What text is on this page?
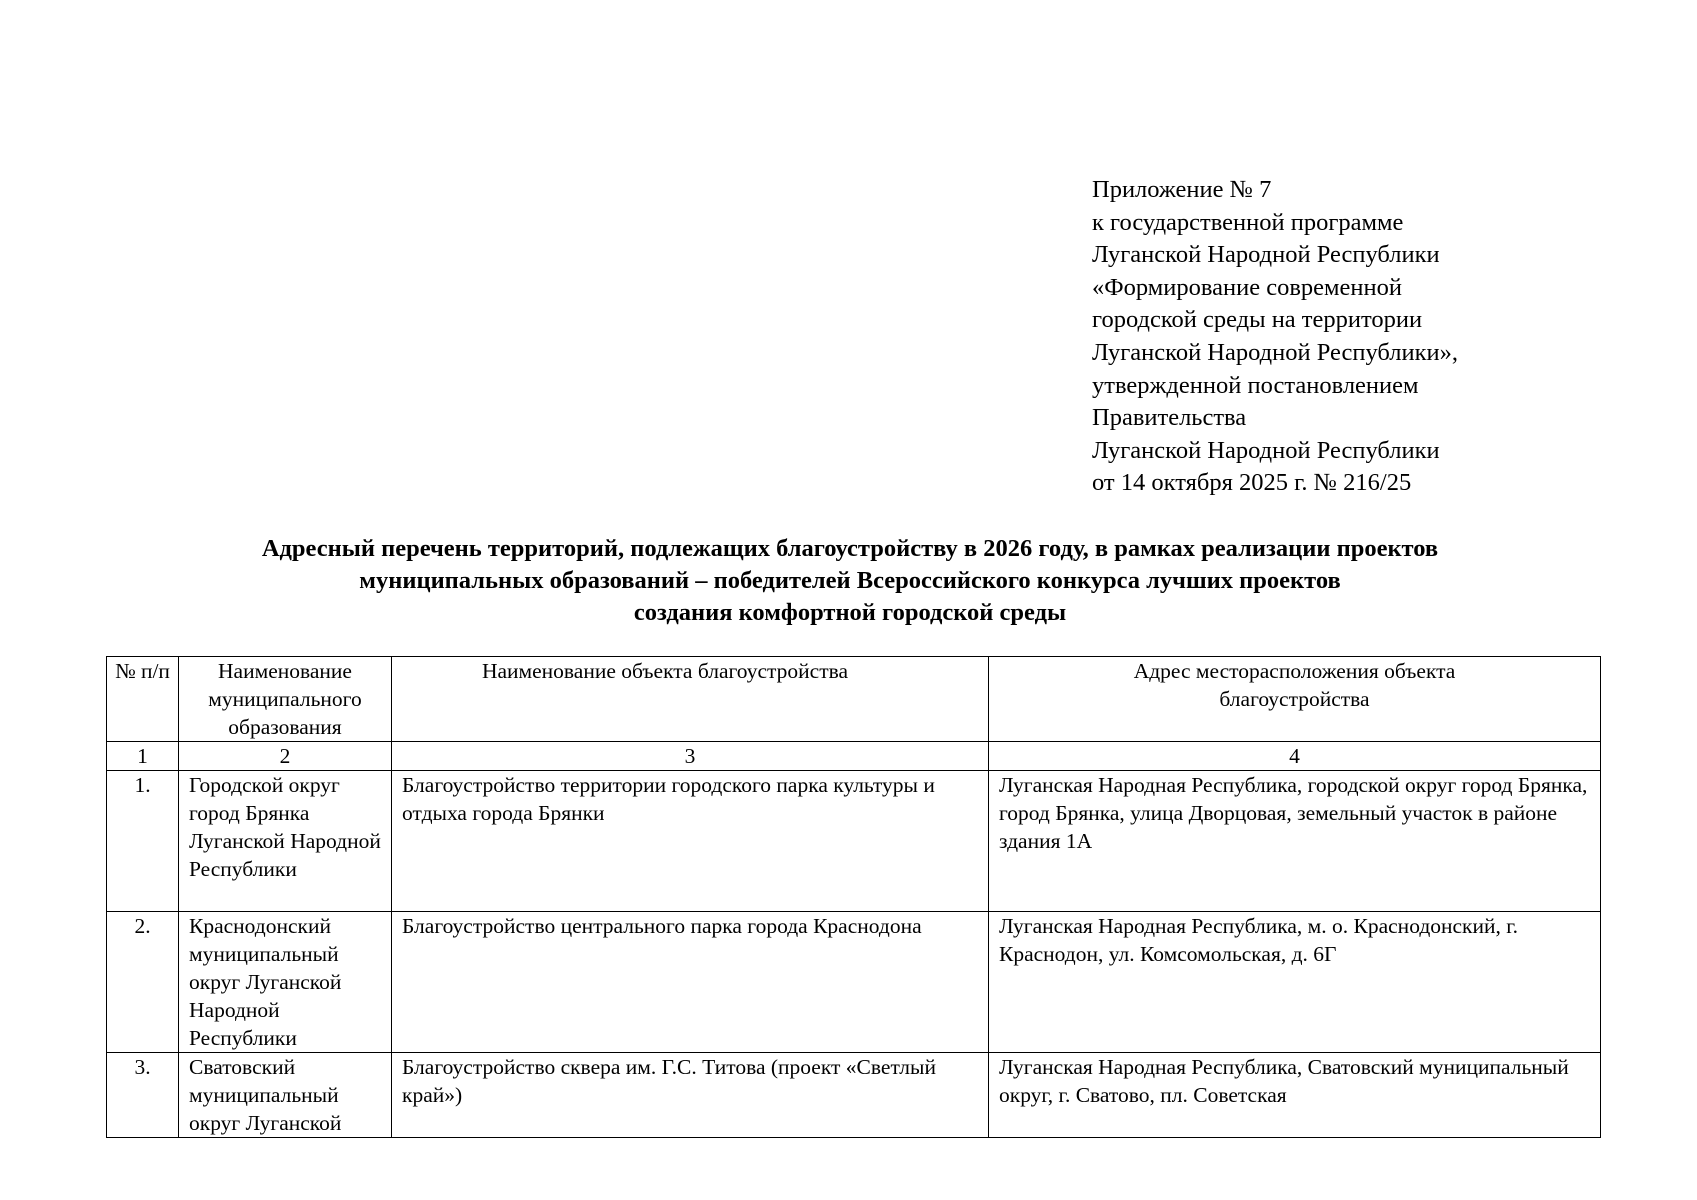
Приложение № 7
к государственной программе
Луганской Народной Республики
«Формирование современной
городской среды на территории
Луганской Народной Республики»,
утвержденной постановлением
Правительства
Луганской Народной Республики
от 14 октября 2025 г. № 216/25
Адресный перечень территорий, подлежащих благоустройству в 2026 году, в рамках реализации проектов
муниципальных образований – победителей Всероссийского конкурса лучших проектов
создания комфортной городской среды
№ п/п	Наименование муниципального образования	Наименование объекта благоустройства	Адрес месторасположения объекта благоустройства
1	2	3	4
1.	Городской округ город Брянка Луганской Народной Республики	Благоустройство территории городского парка культуры и отдыха города Брянки	Луганская Народная Республика, городской округ город Брянка, город Брянка, улица Дворцовая, земельный участок в районе здания 1А
2.	Краснодонский муниципальный округ Луганской Народной Республики	Благоустройство центрального парка города Краснодона	Луганская Народная Республика, м. о. Краснодонский, г. Краснодон, ул. Комсомольская, д. 6Г
3.	Сватовский муниципальный округ Луганской	Благоустройство сквера им. Г.С. Титова (проект «Светлый край»)	Луганская Народная Республика, Сватовский муниципальный округ, г. Сватово, пл. Советская
